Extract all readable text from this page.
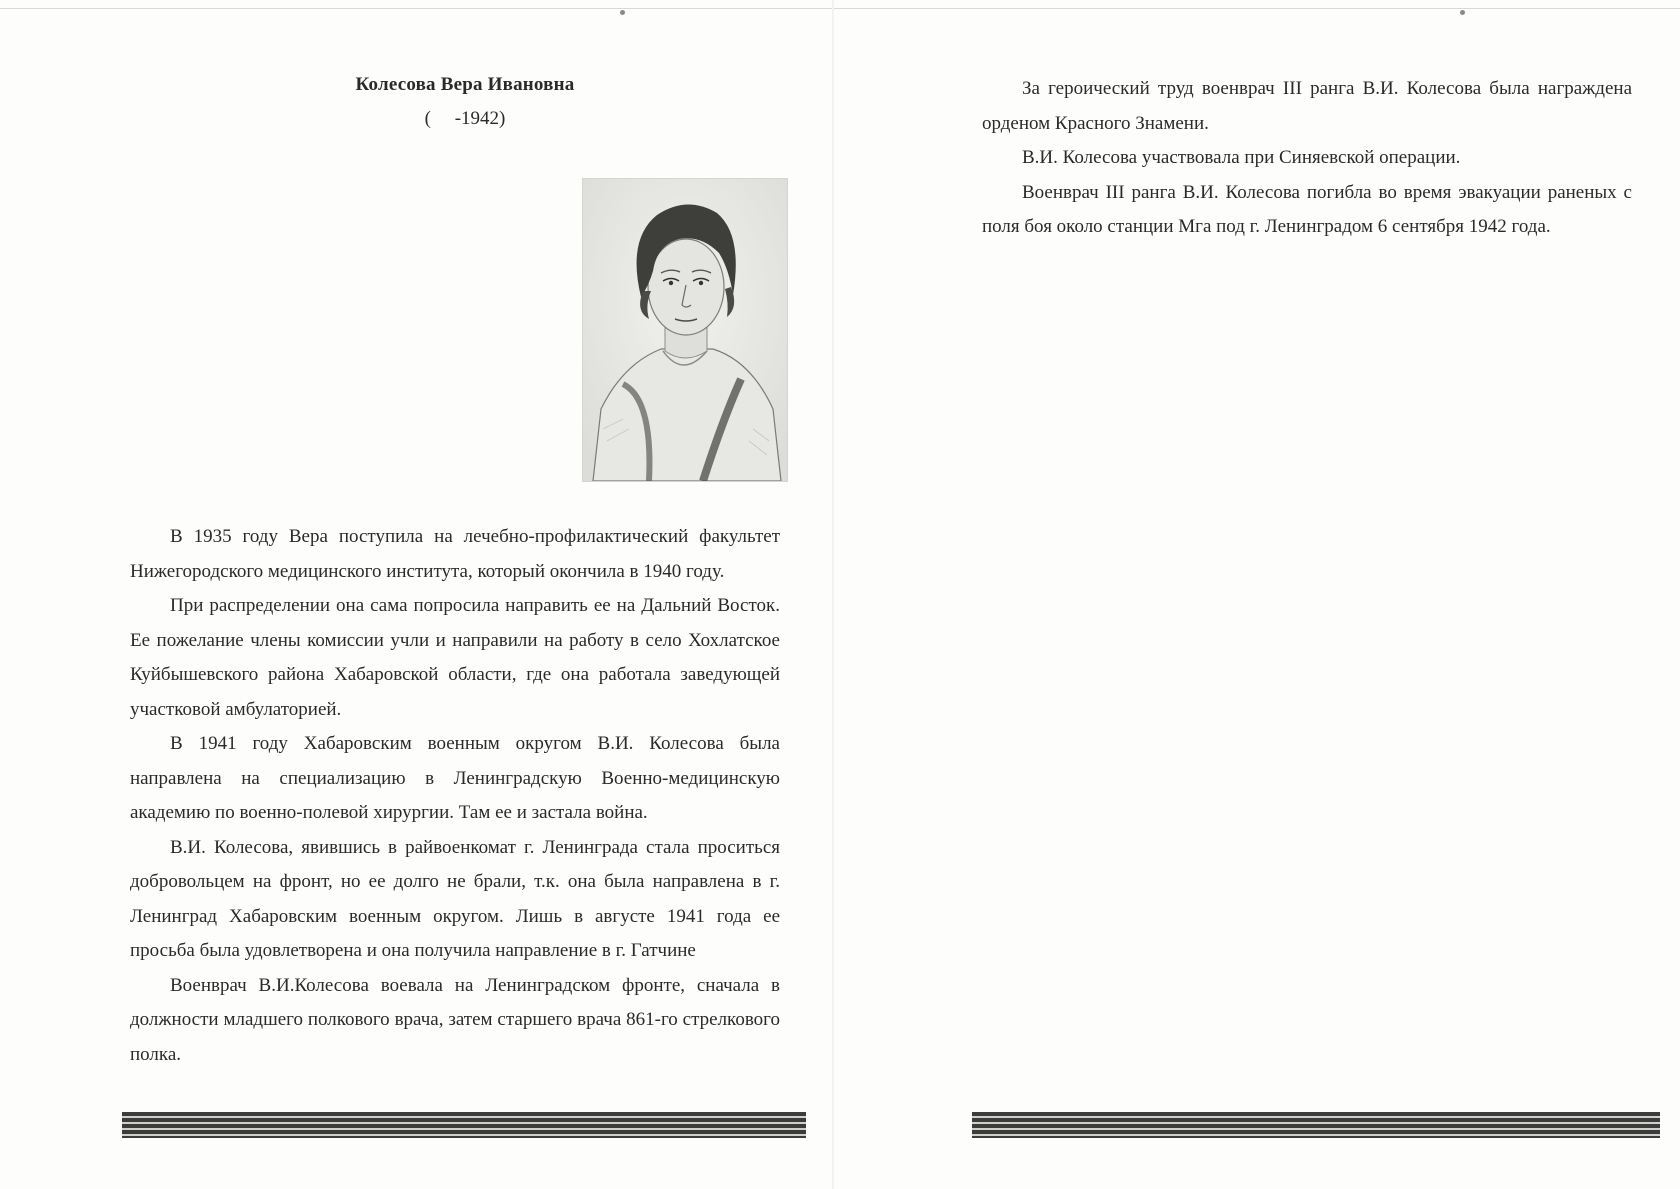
Колесова Вера Ивановна
(     -1942)

В 1935 году Вера поступила на лечебно-профилактический факультет Нижегородского медицинского института, который окончила в 1940 году.

При распределении она сама попросила направить ее на Дальний Восток. Ее пожелание члены комиссии учли и направили на работу в село Хохлатское Куйбышевского района Хабаровской области, где она работала заведующей участковой амбулаторией.

В 1941 году Хабаровским военным округом В.И. Колесова была направлена на специализацию в Ленинградскую Военно-медицинскую академию по военно-полевой хирургии. Там ее и застала война.

В.И. Колесова, явившись в райвоенкомат г. Ленинграда стала проситься добровольцем на фронт, но ее долго не брали, т.к. она была направлена в г. Ленинград Хабаровским военным округом. Лишь в августе 1941 года ее просьба была удовлетворена и она получила направление в г. Гатчине

Военврач В.И.Колесова воевала на Ленинградском фронте, сначала в должности младшего полкового врача, затем старшего врача 861-го стрелкового полка.

За героический труд военврач III ранга В.И. Колесова была награждена орденом Красного Знамени.

В.И. Колесова участвовала при Синяевской операции.

Военврач III ранга В.И. Колесова погибла во время эвакуации раненых с поля боя около станции Мга под г. Ленинградом 6 сентября 1942 года.
